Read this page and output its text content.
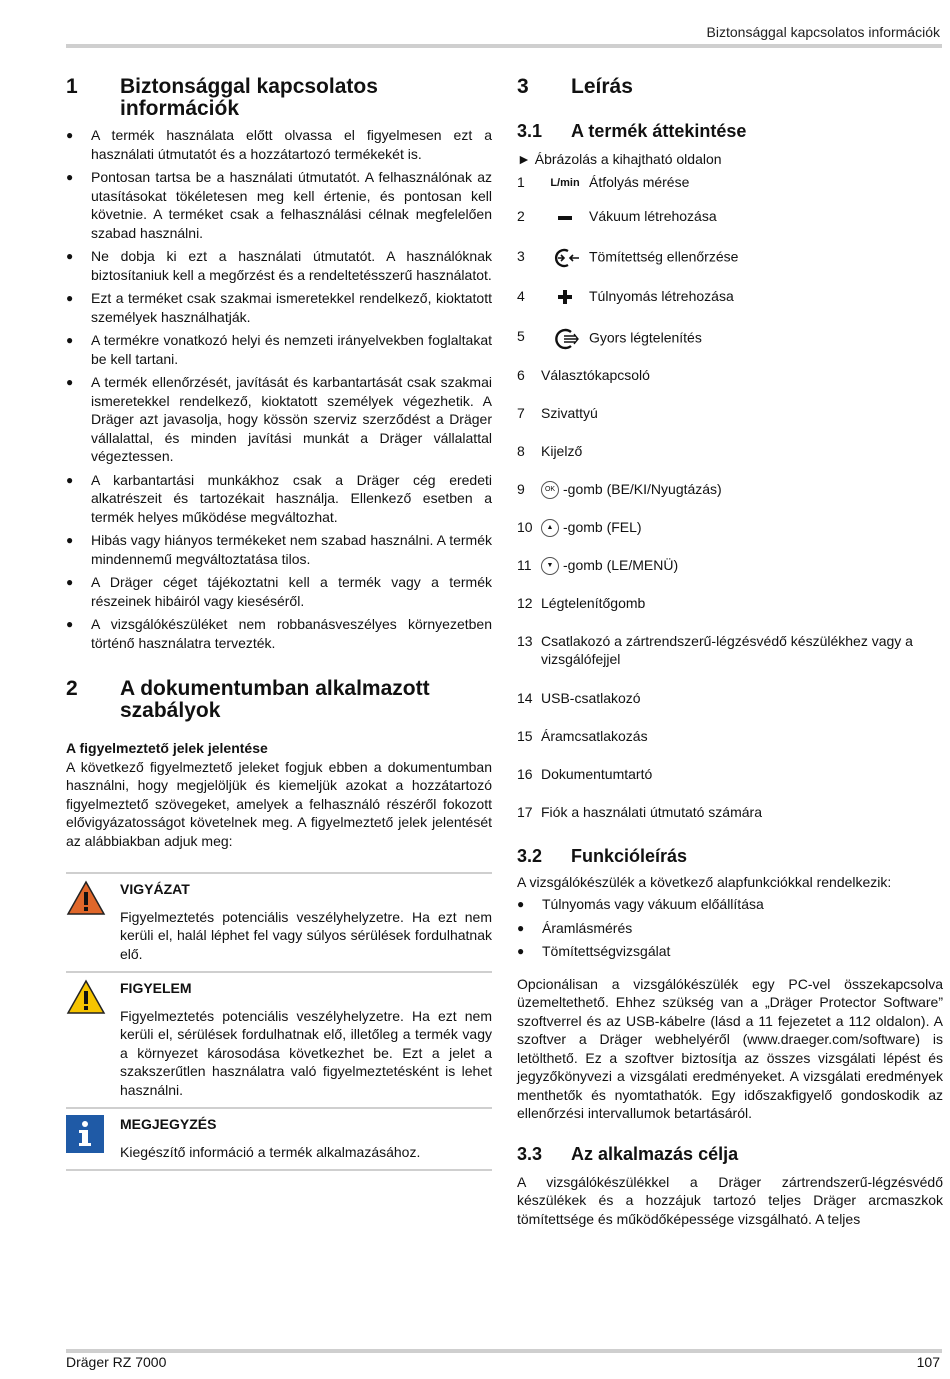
Biztonsággal kapcsolatos információk
1 Biztonsággal kapcsolatos információk
● A termék használata előtt olvassa el figyelmesen ezt a használati útmutatót és a hozzátartozó termékekét is.
● Pontosan tartsa be a használati útmutatót. A felhasználónak az utasításokat tökéletesen meg kell értenie, és pontosan kell követnie. A terméket csak a felhasználási célnak megfelelően szabad használni.
● Ne dobja ki ezt a használati útmutatót. A használóknak biztosítaniuk kell a megőrzést és a rendeltetésszerű használatot.
● Ezt a terméket csak szakmai ismeretekkel rendelkező, kioktatott személyek használhatják.
● A termékre vonatkozó helyi és nemzeti irányelvekben foglaltakat be kell tartani.
● A termék ellenőrzését, javítását és karbantartását csak szakmai ismeretekkel rendelkező, kioktatott személyek végezhetik. A Dräger azt javasolja, hogy kössön szerviz szerződést a Dräger vállalattal, és minden javítási munkát a Dräger vállalattal végeztessen.
● A karbantartási munkákhoz csak a Dräger cég eredeti alkatrészeit és tartozékait használja. Ellenkező esetben a termék helyes működése megváltozhat.
● Hibás vagy hiányos termékeket nem szabad használni. A termék mindennemű megváltoztatása tilos.
● A Dräger céget tájékoztatni kell a termék vagy a termék részeinek hibáiról vagy kieséséről.
● A vizsgálókészüléket nem robbanásveszélyes környezetben történő használatra tervezték.
2 A dokumentumban alkalmazott szabályok

A figyelmeztető jelek jelentése

A következő figyelmeztető jeleket fogjuk ebben a dokumentumban használni, hogy megjelöljük és kiemeljük azokat a hozzátartozó figyelmeztető szövegeket, amelyek a felhasználó részéről fokozott elővigyázatosságot követelnek meg. A figyelmeztető jelek jelentését az alábbiakban adjuk meg:

VIGYÁZAT

Figyelmeztetés potenciális veszélyhelyzetre. Ha ezt nem kerüli el, halál léphet fel vagy súlyos sérülések fordulhatnak elő.

FIGYELEM

Figyelmeztetés potenciális veszélyhelyzetre. Ha ezt nem kerüli el, sérülések fordulhatnak elő, illetőleg a termék vagy a környezet károsodása következhet be. Ezt a jelet a szakszerűtlen használatra való figyelmeztetésként is lehet használni.

MEGJEGYZÉS

Kiegészítő információ a termék alkalmazásához.

3 Leírás
3.1 A termék áttekintése

► Ábrázolás a kihajtható oldalon

1 $^{L/min}$ Átfolyás mérése
2	Vákuum létrehozása
3	Tömítettség ellenőrzése
4	Túlnyomás létrehozása
5	Gyors légtelenítés
6 Választókapcsoló
7 Szivattyú
8 Kijelző
9	OK -gomb (BE/KI/Nyugtázás)
10 ▲ -gomb (FEL)
11 ▼ -gomb (LE/MENÜ)
12 Légtelenítőgomb
13 Csatlakozó a zártrendszerű-légzésvédő készülékhez vagy a vizsgálófejjel
14 USB-csatlakozó
15 Áramcsatlakozás
16 Dokumentumtartó
17 Fiók a használati útmutató számára
3.2 Funkcióleírás

A vizsgálókészülék a következő alapfunkciókkal rendelkezik:

● Túlnyomás vagy vákuum előállítása
● Áramlásmérés
● Tömítettségvizsgálat

Opcionálisan a vizsgálókészülék egy PC-vel összekapcsolva üzemeltethető. Ehhez szükség van a „Dräger Protector Software” szoftverrel és az USB-kábelre (lásd a 11 fejezetet a 112 oldalon). A szoftver a Dräger webhelyéről (www.draeger.com/software) is letölthető. Ez a szoftver biztosítja az összes vizsgálati lépést és jegyzőkönyvezi a vizsgálati eredményeket. A vizsgálati eredmények menthetők és nyomtathatók. Egy időszakfigyelő gondoskodik az ellenőrzési intervallumok betartásáról.

3.3 Az alkalmazás célja

A vizsgálókészülékkel a Dräger zártrendszerű-légzésvédő készülékek és a hozzájuk tartozó teljes Dräger arcmaszkok tömítettsége és működőképessége vizsgálható. A teljes

Dräger RZ 7000	107
